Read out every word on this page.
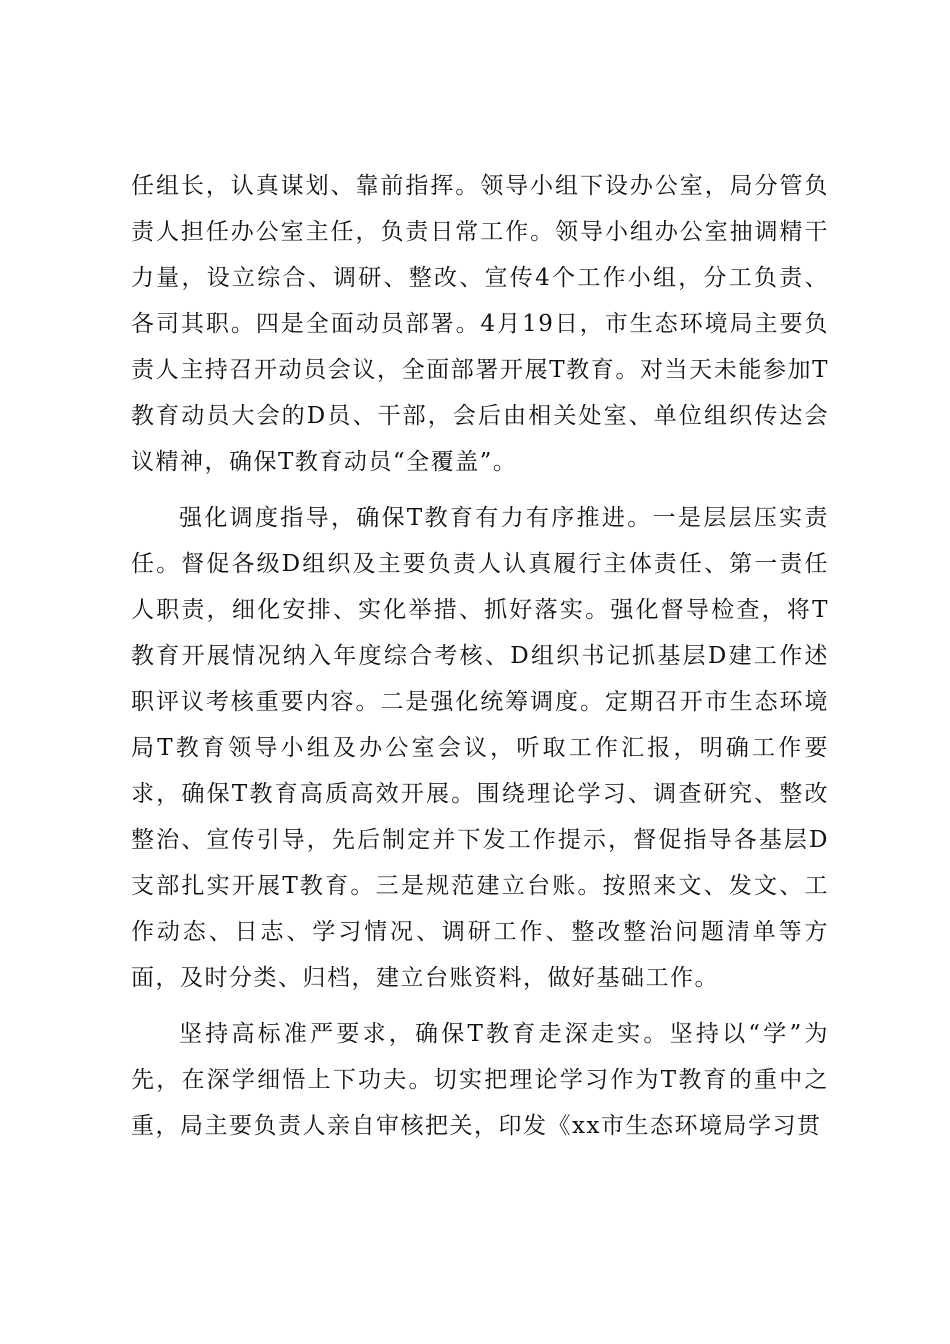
任组长，认真谋划、靠前指挥。领导小组下设办公室，局分管负责人担任办公室主任，负责日常工作。领导小组办公室抽调精干力量，设立综合、调研、整改、宣传4个工作小组，分工负责、各司其职。四是全面动员部署。4月19日，市生态环境局主要负责人主持召开动员会议，全面部署开展T教育。对当天未能参加T教育动员大会的D员、干部，会后由相关处室、单位组织传达会议精神，确保T教育动员“全覆盖”。

强化调度指导，确保T教育有力有序推进。一是层层压实责任。督促各级D组织及主要负责人认真履行主体责任、第一责任人职责，细化安排、实化举措、抓好落实。强化督导检查，将T教育开展情况纳入年度综合考核、D组织书记抓基层D建工作述职评议考核重要内容。二是强化统筹调度。定期召开市生态环境局T教育领导小组及办公室会议，听取工作汇报，明确工作要求，确保T教育高质高效开展。围绕理论学习、调查研究、整改整治、宣传引导，先后制定并下发工作提示，督促指导各基层D支部扎实开展T教育。三是规范建立台账。按照来文、发文、工作动态、日志、学习情况、调研工作、整改整治问题清单等方面，及时分类、归档，建立台账资料，做好基础工作。

坚持高标准严要求，确保T教育走深走实。坚持以“学”为先，在深学细悟上下功夫。切实把理论学习作为T教育的重中之重，局主要负责人亲自审核把关，印发《xx市生态环境局学习贯
